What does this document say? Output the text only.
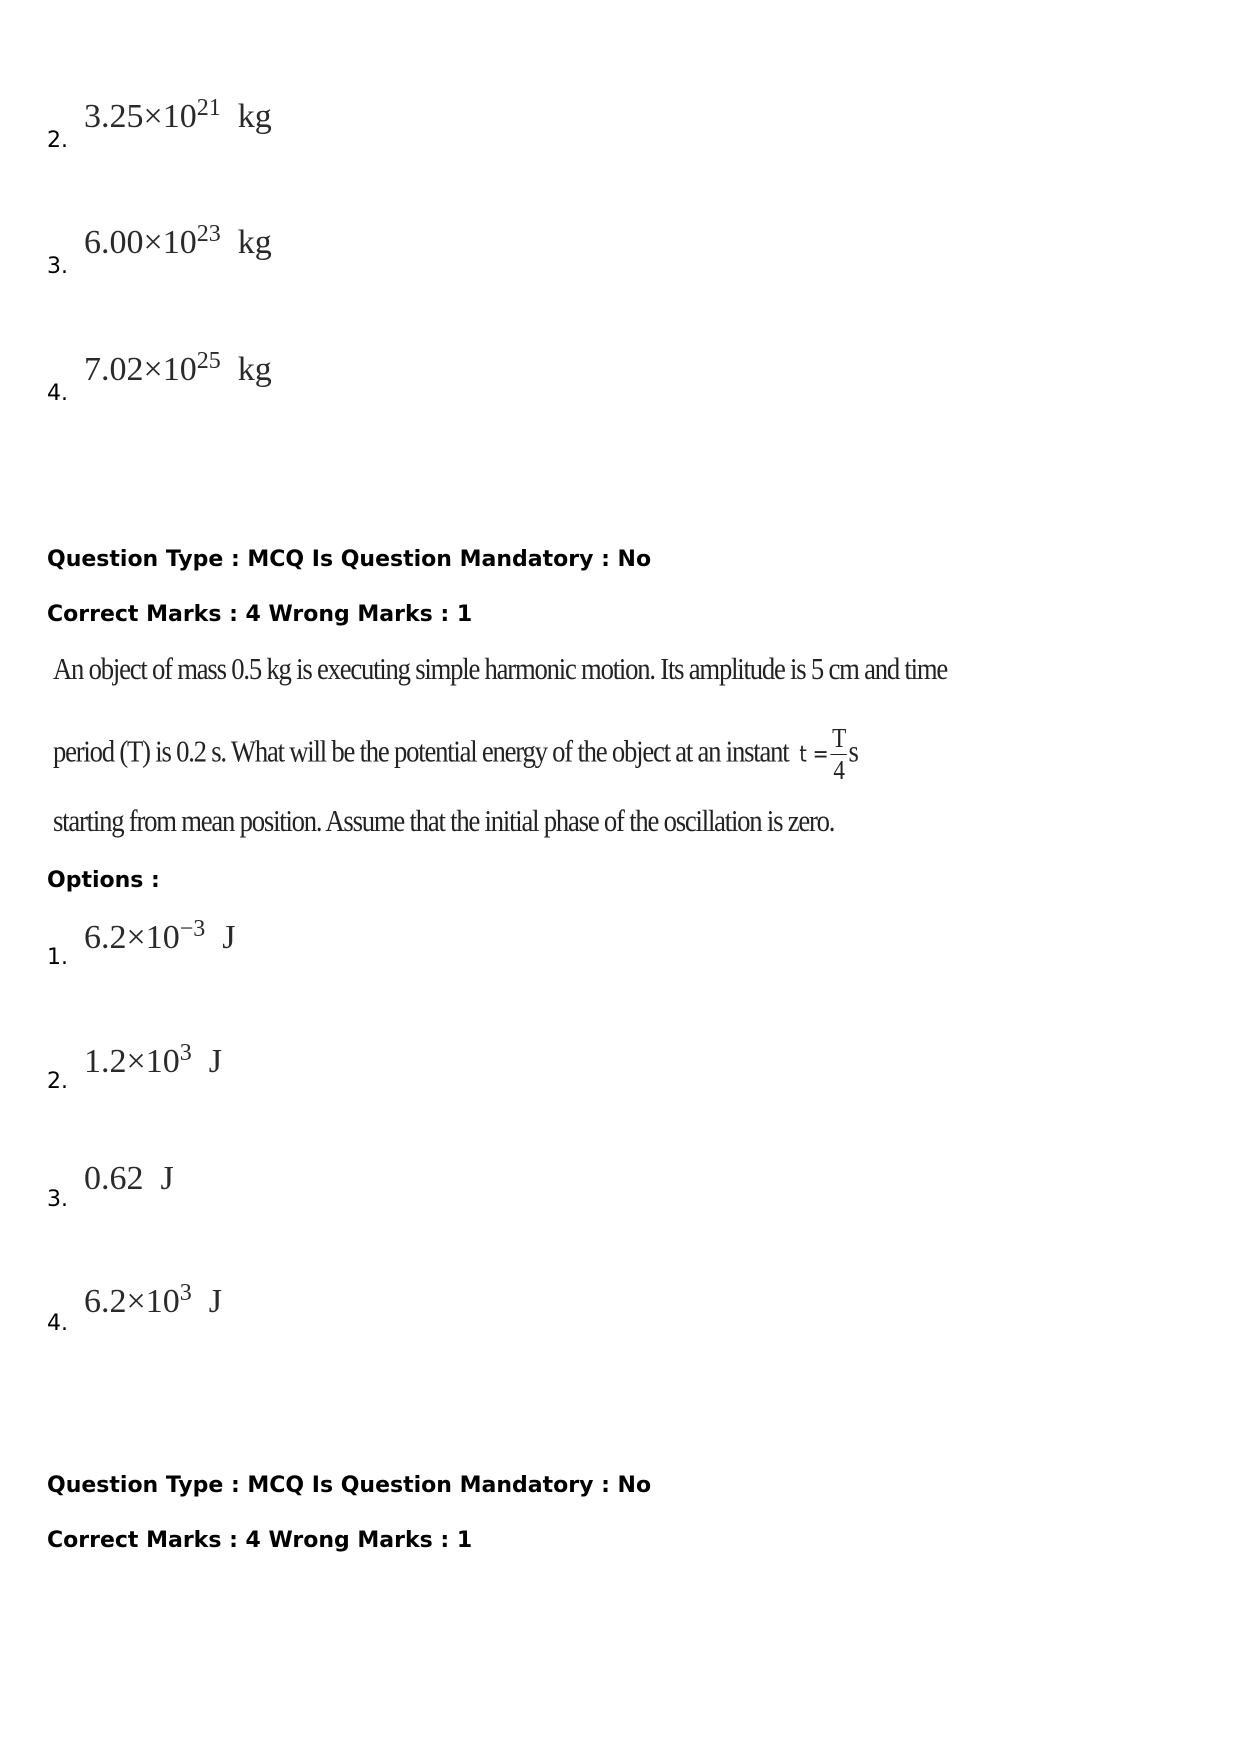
2.
$3.25\times 10^{21}$ kg
3.
$6.00\times 10^{23}$ kg
4.
$7.02\times 10^{25}$ kg
Question Type : MCQ Is Question Mandatory : No
Correct Marks : 4 Wrong Marks : 1
An object of mass 0.5 kg is executing simple harmonic motion. Its amplitude is 5 cm and time
period (T) is 0.2 s. What will be the potential energy of the object at an instant $t = \frac{T}{4}$ s
starting from mean position. Assume that the initial phase of the oscillation is zero.
Options :
1.
$6.2\times 10^{-3}$ J
2.
$1.2\times 10^3$ J
3.
0.62 J
4.
$6.2\times 10^3$ J
Question Type : MCQ Is Question Mandatory : No
Correct Marks : 4 Wrong Marks : 1
